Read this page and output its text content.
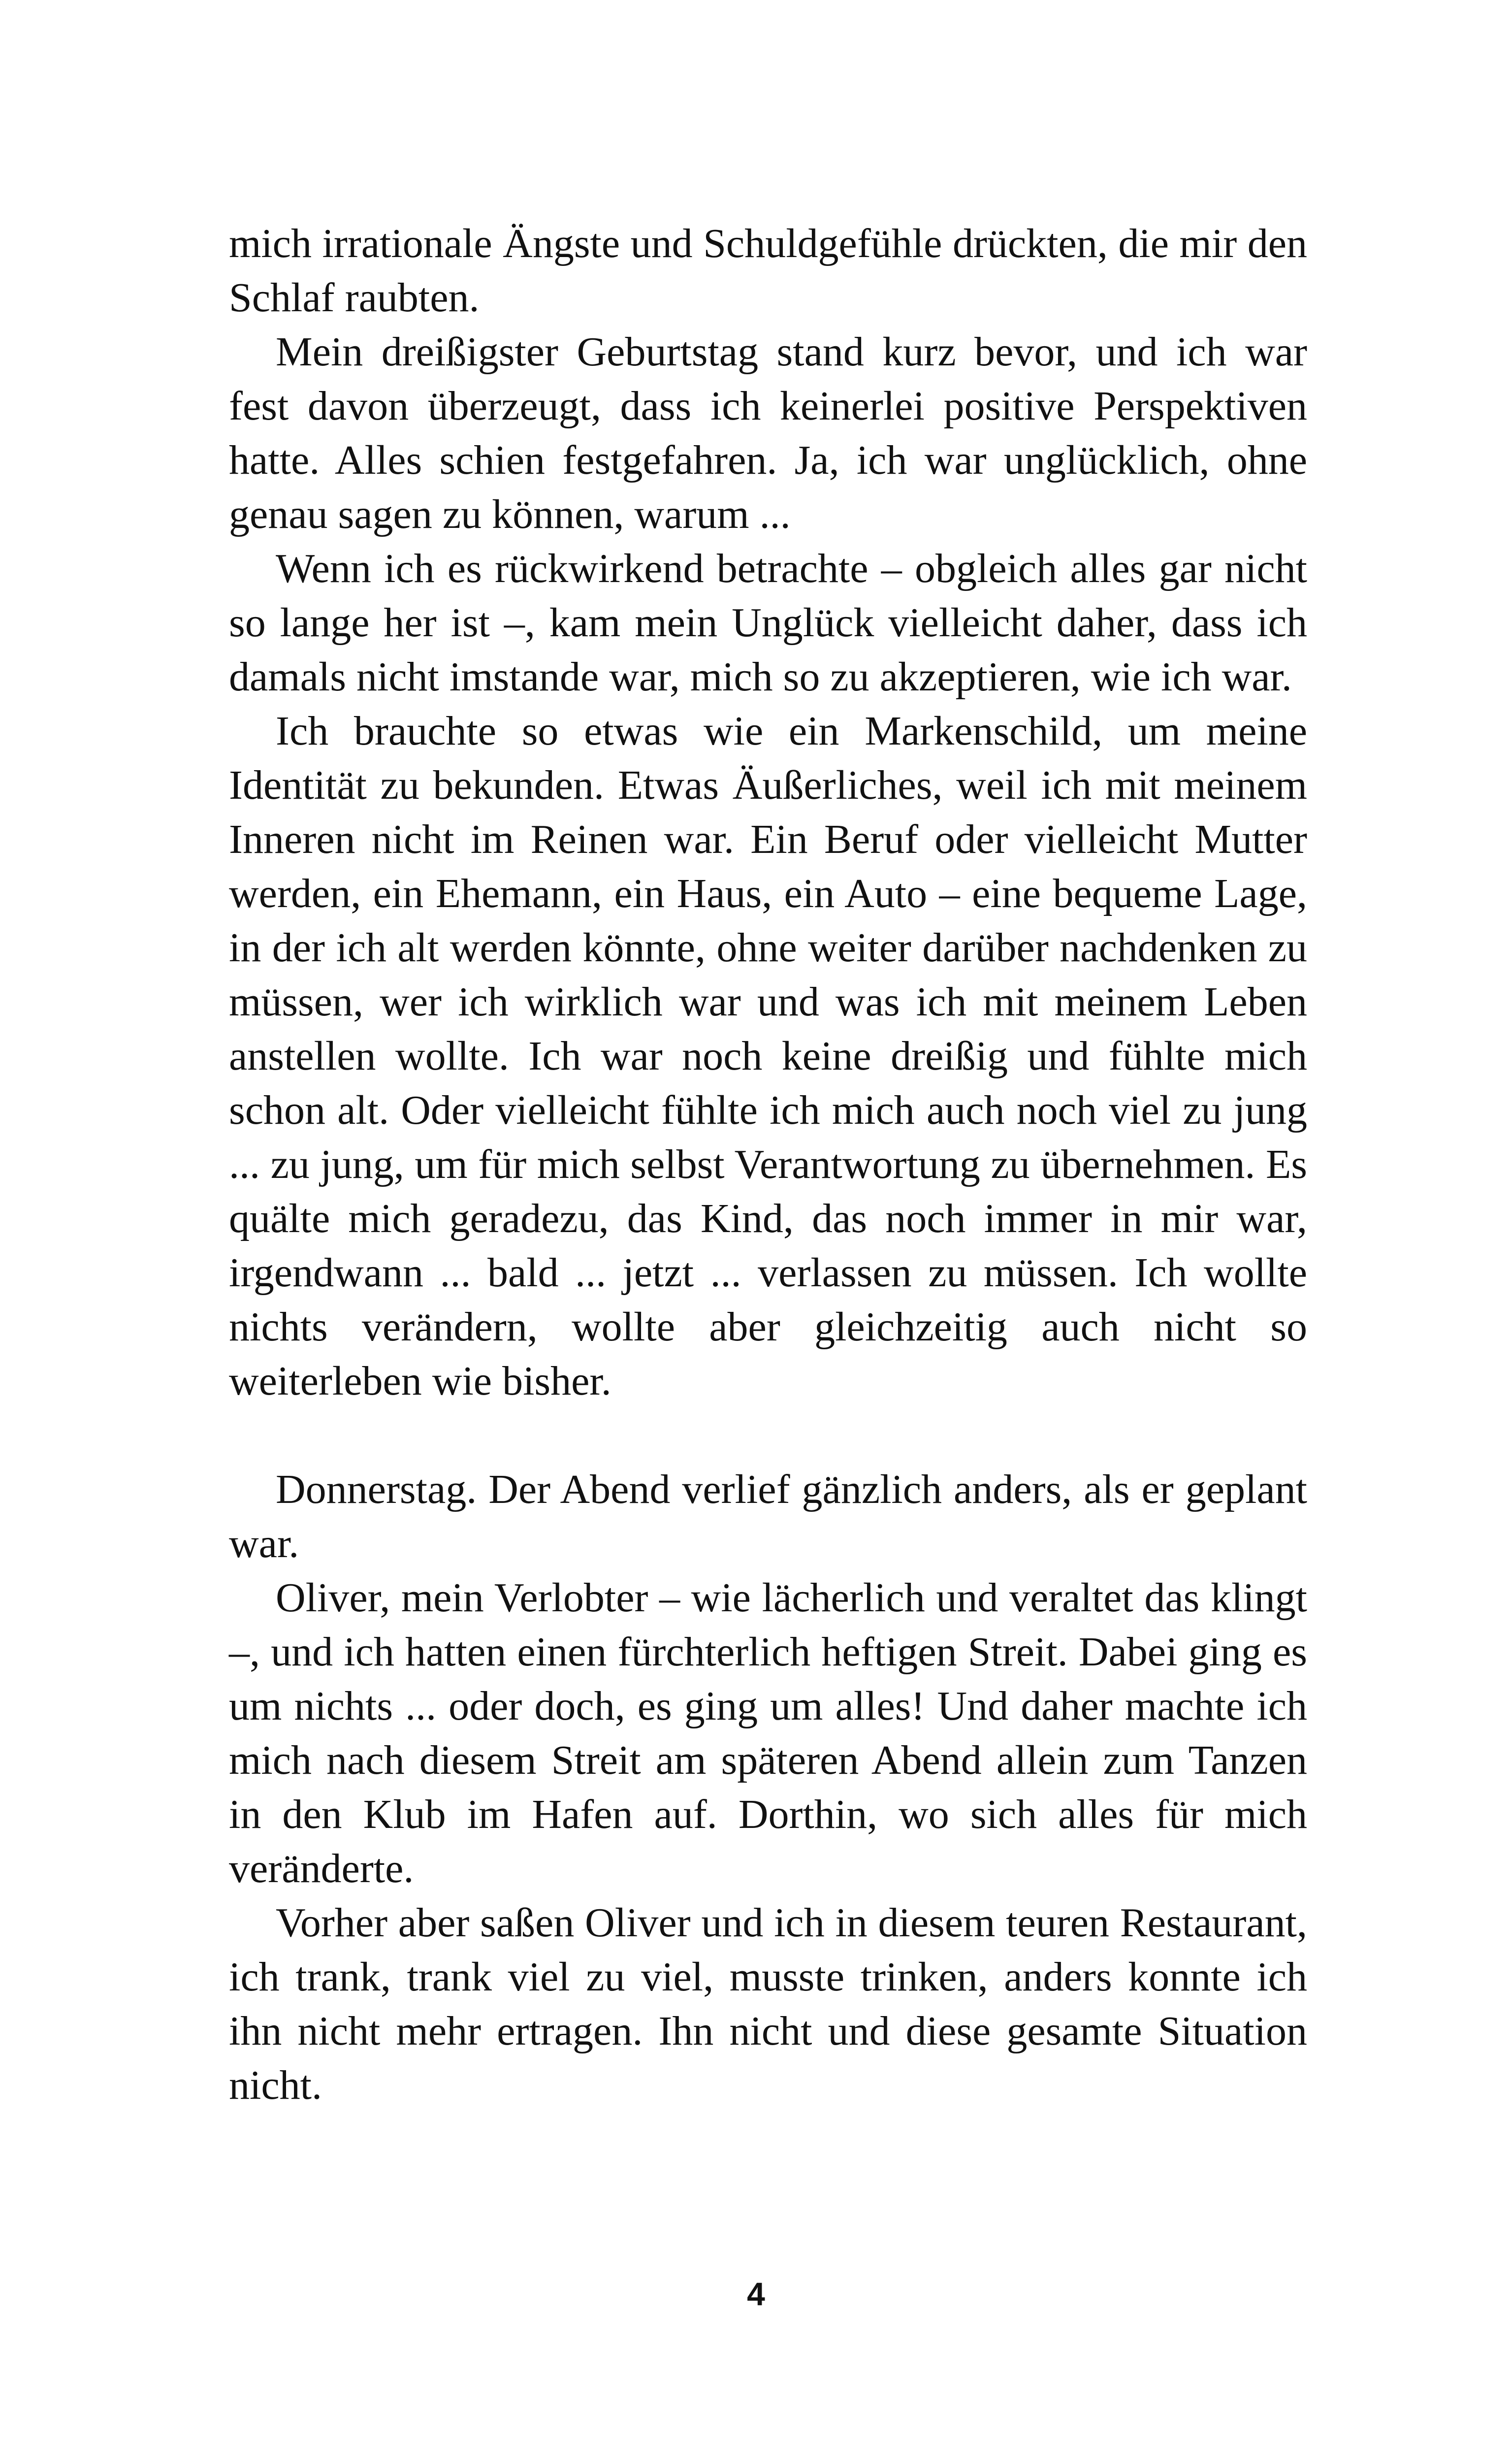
mich irrationale Ängste und Schuldgefühle drückten, die mir den Schlaf raubten.

Mein dreißigster Geburtstag stand kurz bevor, und ich war fest davon überzeugt, dass ich keinerlei positive Perspektiven hatte. Alles schien festgefahren. Ja, ich war unglücklich, ohne genau sagen zu können, warum ...

Wenn ich es rückwirkend betrachte – obgleich alles gar nicht so lange her ist –, kam mein Unglück vielleicht daher, dass ich damals nicht imstande war, mich so zu akzeptieren, wie ich war.

Ich brauchte so etwas wie ein Markenschild, um meine Identität zu bekunden. Etwas Äußerliches, weil ich mit meinem Inneren nicht im Reinen war. Ein Beruf oder vielleicht Mutter werden, ein Ehemann, ein Haus, ein Auto – eine bequeme Lage, in der ich alt werden könnte, ohne weiter darüber nachdenken zu müssen, wer ich wirklich war und was ich mit meinem Leben anstellen wollte. Ich war noch keine dreißig und fühlte mich schon alt. Oder vielleicht fühlte ich mich auch noch viel zu jung ... zu jung, um für mich selbst Verantwortung zu übernehmen. Es quälte mich geradezu, das Kind, das noch immer in mir war, irgendwann ... bald ... jetzt ... verlassen zu müssen. Ich wollte nichts verändern, wollte aber gleichzeitig auch nicht so weiterleben wie bisher.

Donnerstag. Der Abend verlief gänzlich anders, als er geplant war.

Oliver, mein Verlobter – wie lächerlich und veraltet das klingt –, und ich hatten einen fürchterlich heftigen Streit. Dabei ging es um nichts ... oder doch, es ging um alles! Und daher machte ich mich nach diesem Streit am späteren Abend allein zum Tanzen in den Klub im Hafen auf. Dorthin, wo sich alles für mich veränderte.

Vorher aber saßen Oliver und ich in diesem teuren Restaurant, ich trank, trank viel zu viel, musste trinken, anders konnte ich ihn nicht mehr ertragen. Ihn nicht und diese gesamte Situation nicht.

4
